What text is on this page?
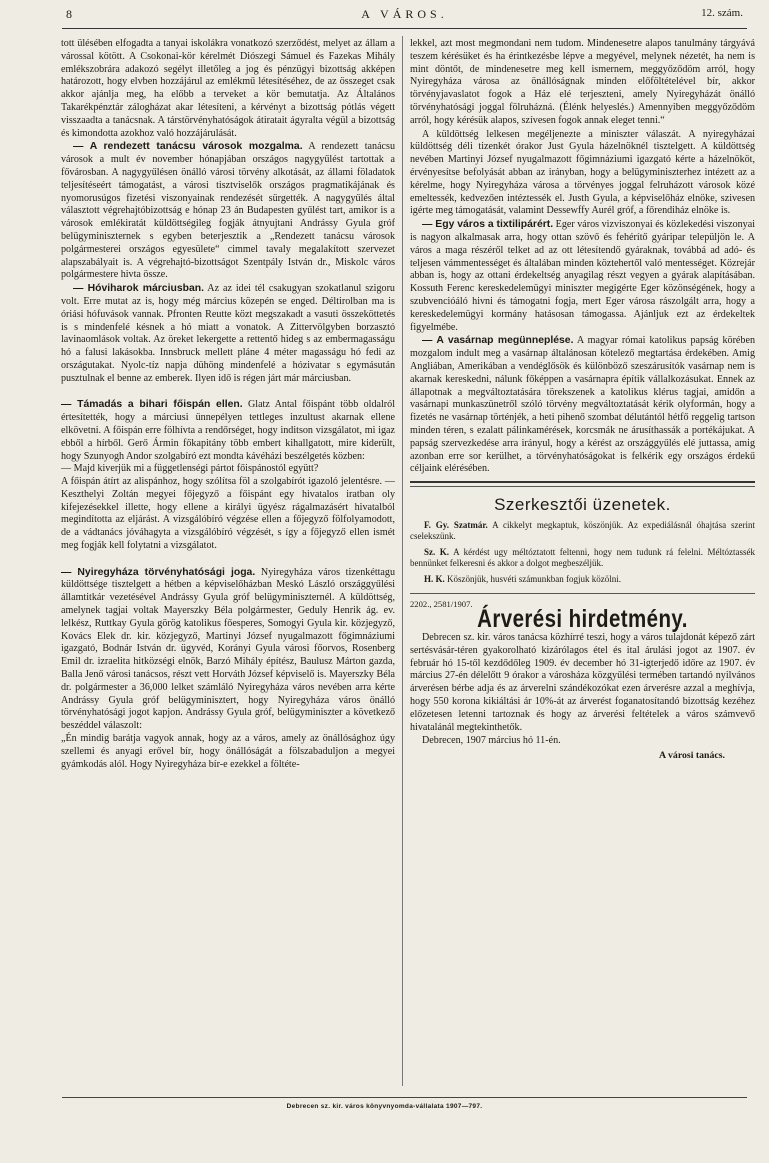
8	A VÁROS.	12. szám.

tott ülésében elfogadta a tanyai iskolákra vonatkozó szerződést, melyet az állam a várossal kötött. A Csokonai-kör kérelmét Diószegi Sámuel és Fazekas Mihály emlékszobrára adakozó segélyt illetőleg a jog és pénzügyi bizottság akképen határozott, hogy elvben hozzájárul az emlékmű létesítéséhez, de az összeget csak akkor ajánlja meg, ha előbb a terveket a kör bemutatja. Az Általános Takarékpénztár zálogházat akar létesíteni, a kérvényt a bizottság pótlás végett visszaadta a tanácsnak. A társtörvényhatóságok átiratait ágyralta végül a bizottság és kimondotta azokhoz való hozzájárulását.

— A rendezett tanácsu városok mozgalma. A rendezett tanácsu városok a mult év november hónapjában országos nagygyűlést tartottak a fővárosban. A nagygyűlésen önálló városi törvény alkotását, az állami föladatok teljesítéseért támogatást, a városi tisztviselők országos pragmatikájának és nyomorusúgos fizetési viszonyainak rendezését sürgették. A nagygyűlés által választott végrehajtóbizottság e hónap 23 án Budapesten gyűlést tart, amikor is a városok emlékiratát küldöttségileg fogják átnyujtani Andrássy Gyula gróf belügyminiszternek s egyben beterjesztik a „Rendezett tanácsu városok polgármesterei országos egyesülete“ cimmel tavaly megalakított szervezet alapszabályait is. A végrehajtó-bizottságot Szentpály István dr., Miskolc város polgármestere hivta össze.

— Hóviharok márciusban. Az az idei tél csakugyan szokatlanul szigoru volt. Erre mutat az is, hogy még március közepén se enged. Déltirolban ma is óriási hófuvások vannak. Pfronten Reutte közt megszakadt a vasuti összeköttetés is s mindenfelé késnek a hó miatt a vonatok. A Zittervölgyben borzasztó lavinaomlások voltak. Az öreket lekergette a rettentő hideg s az embermagasságu hó a falusi lakásokba. Innsbruck mellett pláne 4 méter magasságu hó fedi az országutakat. Nyolc-tíz napja dühöng mindenfelé a hózivatar s egymásután pusztulnak el benne az emberek. Ilyen idő is régen járt már márciusban.

— Támadás a bihari főispán ellen. Glatz Antal főispánt több oldalról értesítették, hogy a márciusi ünnepélyen tettleges inzultust akarnak ellene elkövetni. A főispán erre fölhívta a rendőrséget, hogy inditson vizsgálatot, mi igaz ebből a hírből. Gerő Ármin főkapitány több embert kihallgatott, mire kiderült, hogy Szunyogh Andor szolgabíró ezt mondta kávéházi beszélgetés közben:
— Majd kiverjük mi a függetlenségi pártot főispánostól együtt?
A főispán átírt az alispánhoz, hogy szólítsa föl a szolgabírót igazoló jelentésre. — Keszthelyi Zoltán megyei főjegyző a főispánt egy hivatalos iratban oly kifejezésekkel illette, hogy ellene a királyi ügyész rágalmazásért hivatalból megindította az eljárást. A vizsgálóbíró végzése ellen a főjegyző fölfolyamodott, de a vádtanács jóváhagyta a vizsgálóbíró végzését, s így a főjegyző ellen ismét meg fogják kell folytatni a vizsgálatot.

— Nyiregyháza törvényhatósági joga. Nyiregyháza város tizenkéttagu küldöttsége tisztelgett a hétben a képviselőházban Meskó László országgyűlési államtitkár vezetésével Andrássy Gyula gróf belügyminiszternél. A küldöttség, amelynek tagjai voltak Mayerszky Béla polgármester, Geduly Henrik ág. ev. lelkész, Ruttkay Gyula görög katolikus főesperes, Somogyi Gyula kir. közjegyző, Kovács Elek dr. kir. közjegyző, Martinyi József nyugalmazott főgimnáziumi igazgató, Bodnár István dr. ügyvéd, Korányi Gyula városi főorvos, Rosenberg Emil dr. izraelita hitközségi elnök, Barzó Mihály építész, Baulusz Márton gazda, Balla Jenő városi tanácsos, részt vett Horváth József képviselő is. Mayerszky Béla dr. polgármester a 36,000 lelket számláló Nyiregyháza város nevében arra kérte Andrássy Gyula gróf belügyminisztert, hogy Nyiregyháza város önálló törvényhatósági jogot kapjon. Andrássy Gyula gróf, belügyminiszter a következő beszéddel válaszolt:
„Én mindig barátja vagyok annak, hogy az a város, amely az önállósághoz úgy szellemi és anyagi erővel bír, hogy önállóságát a fölszabaduljon a megyei gyámkodás alól. Hogy Nyiregyháza bír-e ezekkel a föltéte-

lekkel, azt most megmondani nem tudom. Mindenesetre alapos tanulmány tárgyává teszem kérésüket és ha érintkezésbe lépve a megyével, melynek nézetét, ha nem is mint döntőt, de mindenesetre meg kell ismernem, meggyőződöm arról, hogy Nyiregyháza városa az önállóságnak minden előföltételével bír, akkor törvényjavaslatot fogok a Ház elé terjeszteni, amely Nyiregyházát önálló törvényhatósági joggal fölruházná. (Élénk helyeslés.) Amennyiben meggyőződöm arról, hogy kérésük alapos, szívesen fogok annak eleget tenni.“

A küldöttség lelkesen megéljenezte a miniszter válaszát. A nyiregyházai küldöttség déli tizenkét órakor Just Gyula házelnöknél tisztelgett. A küldöttség nevében Martinyi József nyugalmazott főgimnáziumi igazgató kérte a házelnököt, érvényesítse befolyását abban az irányban, hogy a belügyminiszterhez intézett az a kérelme, hogy Nyiregyháza városa a törvényes joggal felruházott városok közé emeltessék, kedvezően intéztessék el. Justh Gyula, a képviselőház elnöke, szivesen igérte meg támogatását, valamint Dessewffy Aurél gróf, a főrendiház elnöke is.

— Egy város a tixtilipárért. Eger város vizviszonyai és közlekedési viszonyai is nagyon alkalmasak arra, hogy ottan szövő és fehérítő gyáripar települjön le. A város a maga részéről telket ad az ott létesítendő gyáraknak, továbbá ad adó- és teljesen vámmentességet és általában minden köztehertől való mentességet. Közrejár abban is, hogy az ottani érdekeltség anyagilag részt vegyen a gyárak alapításában. Kossuth Ferenc kereskedelemügyi miniszter megigérte Eger közönségének, hogy a szubvencióáló hivni és támogatni fogja, mert Eger városa rászolgált arra, hogy a kereskedelemügyi kormány hatásosan támogassa. Ajánljuk ezt az érdekeltek figyelmébe.

— A vasárnap megünneplése. A magyar római katolikus papság körében mozgalom indult meg a vasárnap általánosan kötelező megtartása érdekében. Amig Angliában, Amerikában a vendéglősök és különböző szeszárusítók vasárnap nem is akarnak kereskedni, nálunk főképpen a vasárnapra építik vállalkozásukat. Ennek az állapotnak a megváltoztatására törekszenek a katolikus klérus tagjai, amidőn a vasárnapi munkaszünetről szóló törvény megváltoztatását kérik olyformán, hogy a fizetés ne vasárnap történjék, a heti pihenő szombat délutántól hétfő reggelig tartson minden téren, s ezalatt pálinkamérések, korcsmák ne árusíthassák a portékájukat. A papság szervezkedése arra irányul, hogy a kérést az országgyűlés elé juttassa, amig azonban erre sor kerülhet, a törvényhatóságokat is felkérik egy országos érdekű céljaink elérésében.

Szerkesztői üzenetek.

F. Gy. Szatmár. A cikkelyt megkaptuk, köszönjük. Az expediálásnál óhajtása szerint cselekszünk.

Sz. K. A kérdést ugy méltóztatott feltenni, hogy nem tudunk rá felelni. Méltóztassék bennünket felkeresni és akkor a dolgot megbeszéljük.

H. K. Köszönjük, husvéti számunkban fogjuk közölni.

2202., 2581/1907.
Árverési hirdetmény.

Debrecen sz. kir. város tanácsa közhírré teszi, hogy a város tulajdonát képező zárt sertésvásár-téren gyakorolható kizárólagos étel és ital árulási jogot az 1907. év február hó 15-től kezdődőleg 1909. év december hó 31-igterjedő időre az 1907. év március 27-én délelőtt 9 órakor a városháza közgyűlési termében tartandó nyilvános árverésen bérbe adja és az árverelni szándékozókat ezen árverésre azzal a meghívja, hogy 550 korona kikiáltási ár 10%-át az árverést foganatosítandó bizottság kezéhez előzetesen letenni tartoznak és hogy az árverési feltételek a város számvevő hivatalánál megtekinthetők.

Debrecen, 1907 március hó 11-én.

A városi tanács.
Debrecen sz. kir. város könyvnyomda-vállalata 1907—797.
